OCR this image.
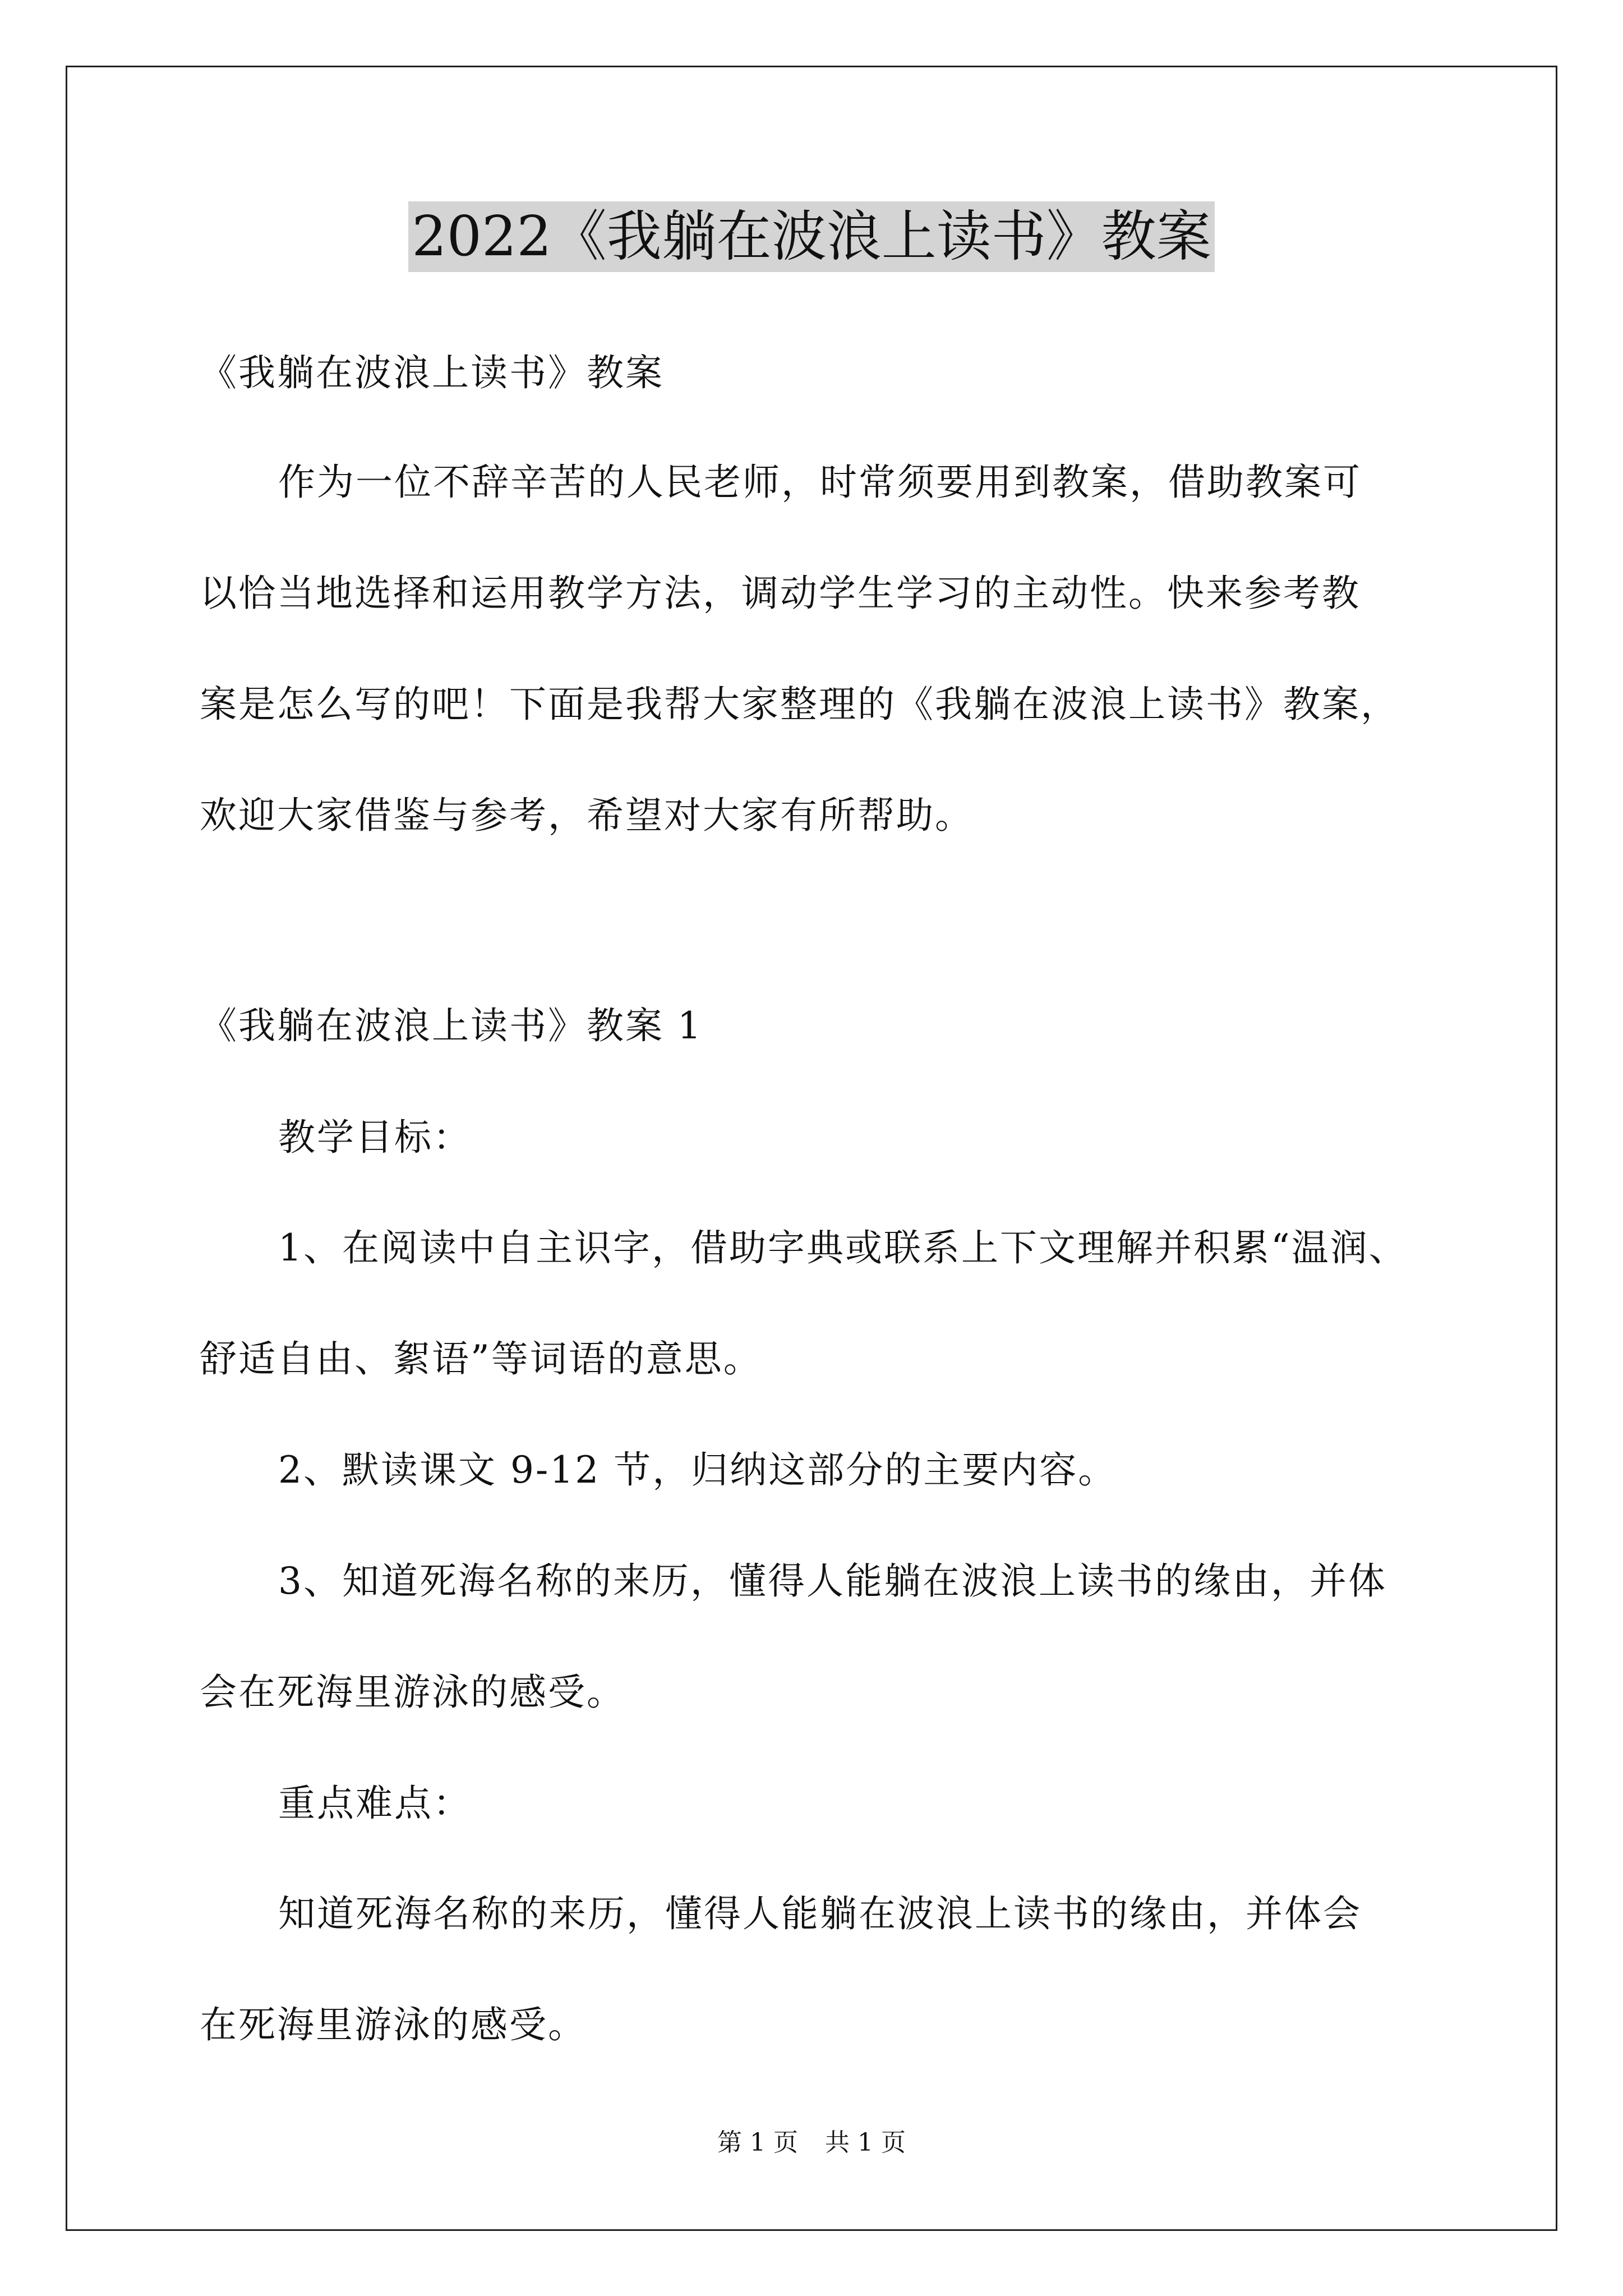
2022《我躺在波浪上读书》教案
《我躺在波浪上读书》教案
作为一位不辞辛苦的人民老师，时常须要用到教案，借助教案可
以恰当地选择和运用教学方法，调动学生学习的主动性。快来参考教
案是怎么写的吧！下面是我帮大家整理的《我躺在波浪上读书》教案，
欢迎大家借鉴与参考，希望对大家有所帮助。
《我躺在波浪上读书》教案 1
教学目标：
1、在阅读中自主识字，借助字典或联系上下文理解并积累“温润、
舒适自由、絮语”等词语的意思。
2、默读课文 9-12 节，归纳这部分的主要内容。
3、知道死海名称的来历，懂得人能躺在波浪上读书的缘由，并体
会在死海里游泳的感受。
重点难点：
知道死海名称的来历，懂得人能躺在波浪上读书的缘由，并体会
在死海里游泳的感受。
第 1 页 共 1 页
